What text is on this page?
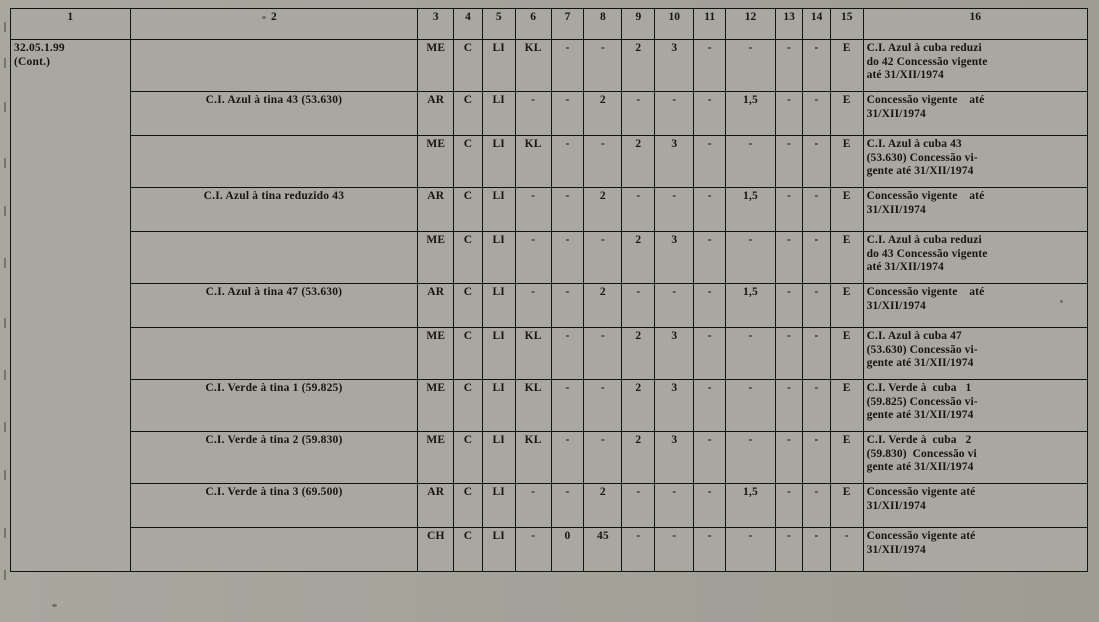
1	2	3	4	5	6	7	8	9	10	11	12	13	14	15	16

32.05.1.99
(Cont.)		ME	C	LI	KL	-	-	2	3	-	-	-	-	E	C.I. Azul à cuba reduzi
do 42 Concessão vigente
até 31/XII/1974

	C.I. Azul à tina 43 (53.630)	AR	C	LI	-	-	2	-	-	-	1,5	-	-	E	Concessão vigente    até
31/XII/1974

		ME	C	LI	KL	-	-	2	3	-	-	-	-	E	C.I. Azul à cuba 43
(53.630) Concessão vi-
gente até 31/XII/1974

	C.I. Azul à tina reduzido 43	AR	C	LI	-	-	2	-	-	-	1,5	-	-	E	Concessão vigente    até
31/XII/1974

		ME	C	LI	-	-	-	2	3	-	-	-	-	E	C.I. Azul à cuba reduzi
do 43 Concessão vigente
até 31/XII/1974

	C.I. Azul à tina 47 (53.630)	AR	C	LI	-	-	2	-	-	-	1,5	-	-	E	Concessão vigente    até
31/XII/1974

		ME	C	LI	KL	-	-	2	3	-	-	-	-	E	C.I. Azul à cuba 47
(53.630) Concessão vi-
gente até 31/XII/1974

	C.I. Verde à tina 1 (59.825)	ME	C	LI	KL	-	-	2	3	-	-	-	-	E	C.I. Verde à  cuba   1
(59.825) Concessão vi-
gente até 31/XII/1974

	C.I. Verde à tina 2 (59.830)	ME	C	LI	KL	-	-	2	3	-	-	-	-	E	C.I. Verde à  cuba   2
(59.830)  Concessão vi
gente até 31/XII/1974

	C.I. Verde à tina 3 (69.500)	AR	C	LI	-	-	2	-	-	-	1,5	-	-	E	Concessão vigente até
31/XII/1974

		CH	C	LI	-	0	45	-	-	-	-	-	-	-	Concessão vigente até
31/XII/1974
